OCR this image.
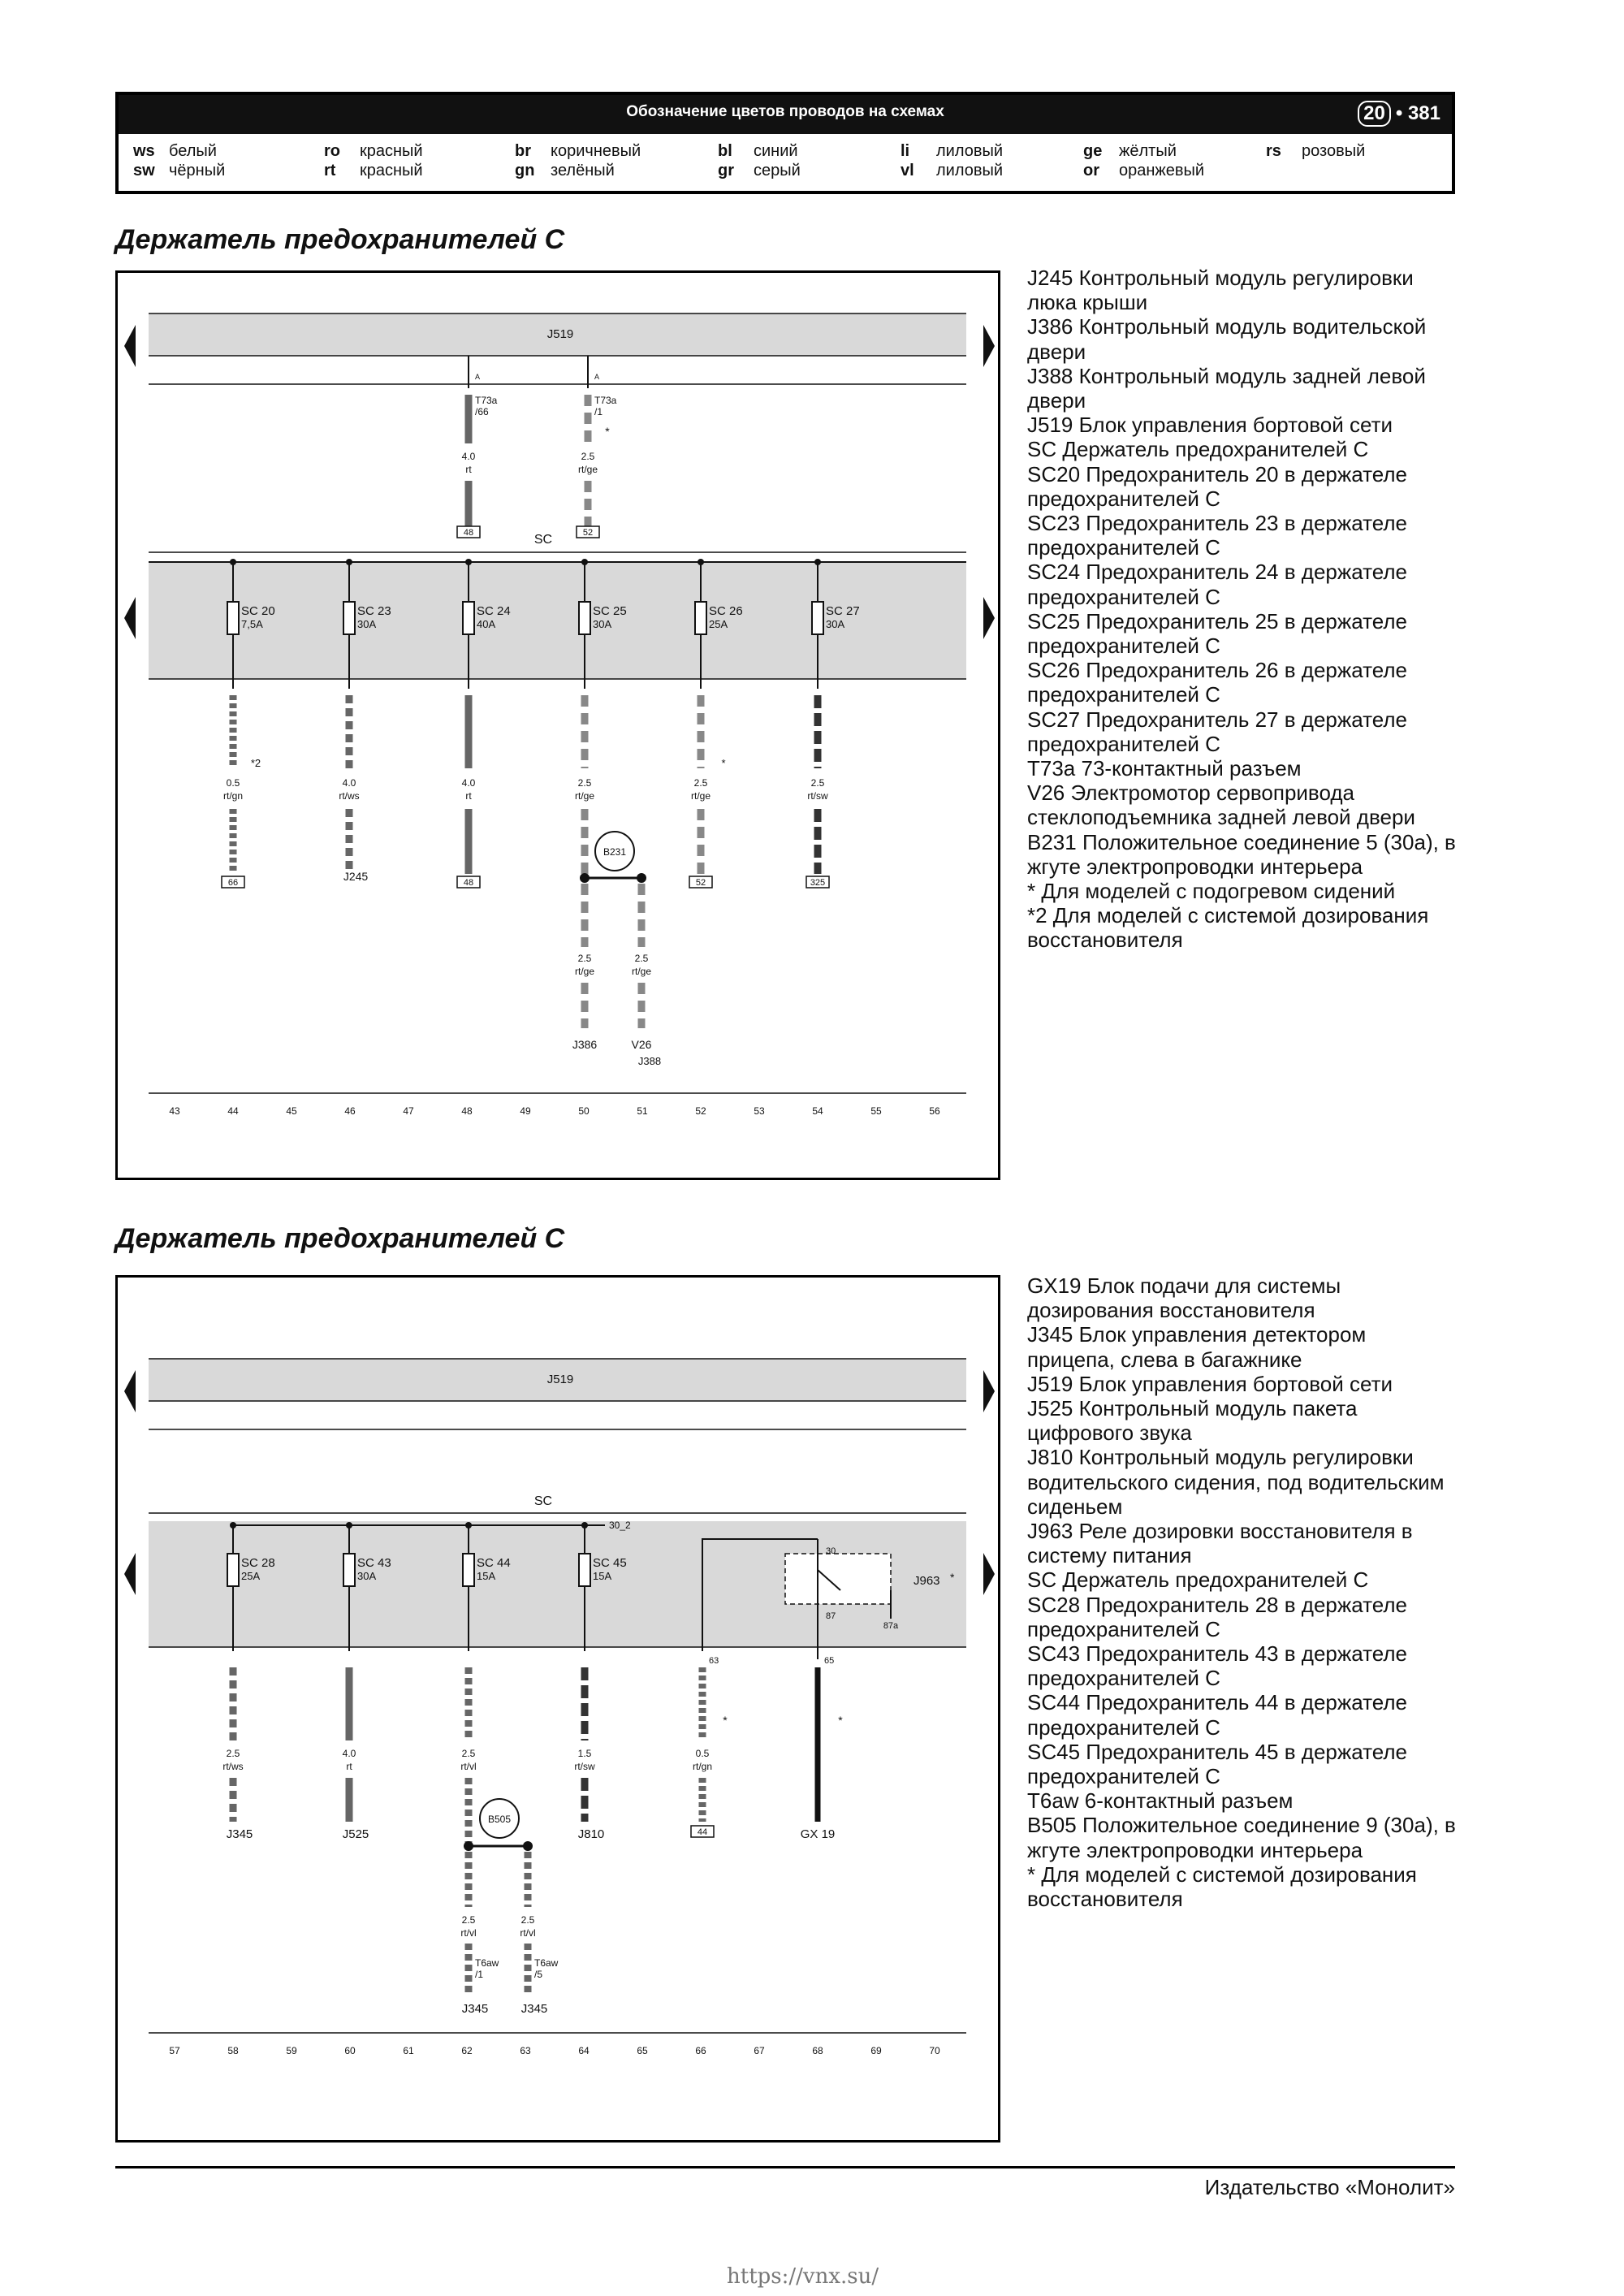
Обозначение цветов проводов на схемах	20 • 381
ws белый	ro красный	br коричневый	bl синий	li лиловый	ge жёлтый	rs розовый
sw чёрный	rt красный	gn зелёный	gr серый	vl лиловый	or оранжевый
Держатель предохранителей C
J519
A
T73a
/66
4.0
rt
48
A
T73a
/1
2.5
rt/ge
52
*
SC
SC 20
7,5A
SC 23
30A
SC 24
40A
SC 25
30A
SC 26
25A
SC 27
30A
0.5
rt/gn
*2
66
4.0
rt/ws
J245
4.0
rt
48
2.5
rt/ge
2.5
rt/ge
*
52
2.5
rt/sw
325
B231
2.5
rt/ge
J386
2.5
rt/ge
V26
J388
43	44	45	46	47	48	49	50	51	52	53	54	55	56
J245 Контрольный модуль регулировки люка крыши
J386 Контрольный модуль водительской двери
J388 Контрольный модуль задней левой двери
J519 Блок управления бортовой сети
SC Держатель предохранителей C
SC20 Предохранитель 20 в держателе предохранителей C
SC23 Предохранитель 23 в держателе предохранителей C
SC24 Предохранитель 24 в держателе предохранителей C
SC25 Предохранитель 25 в держателе предохранителей C
SC26 Предохранитель 26 в держателе предохранителей C
SC27 Предохранитель 27 в держателе предохранителей C
T73a 73-контактный разъем
V26 Электромотор сервопривода стеклоподъемника задней левой двери
B231 Положительное соединение 5 (30a), в жгуте электропроводки интерьера
* Для моделей с подогревом сидений
*2 Для моделей с системой дозирования восстановителя
Держатель предохранителей C
J519
SC
30_2
SC 28
25A
SC 43
30A
SC 44
15A
SC 45
15A
30
87
87a
J963 *
2.5
rt/ws
J345
4.0
rt
J525
2.5
rt/vl
1.5
rt/sw
J810
63
0.5
rt/gn
*
44
65
GX 19
*
B505
2.5
rt/vl
T6aw
/1
J345
2.5
rt/vl
T6aw
/5
J345
57	58	59	60	61	62	63	64	65	66	67	68	69	70
GX19 Блок подачи для системы дозирования восстановителя
J345 Блок управления детектором прицепа, слева в багажнике
J519 Блок управления бортовой сети
J525 Контрольный модуль пакета цифрового звука
J810 Контрольный модуль регулировки водительского сидения, под водительским сиденьем
J963 Реле дозировки восстановителя в систему питания
SC Держатель предохранителей C
SC28 Предохранитель 28 в держателе предохранителей C
SC43 Предохранитель 43 в держателе предохранителей C
SC44 Предохранитель 44 в держателе предохранителей C
SC45 Предохранитель 45 в держателе предохранителей C
T6aw 6-контактный разъем
B505 Положительное соединение 9 (30a), в жгуте электропроводки интерьера
* Для моделей с системой дозирования восстановителя
Издательство «Монолит»
https://vnx.su/
